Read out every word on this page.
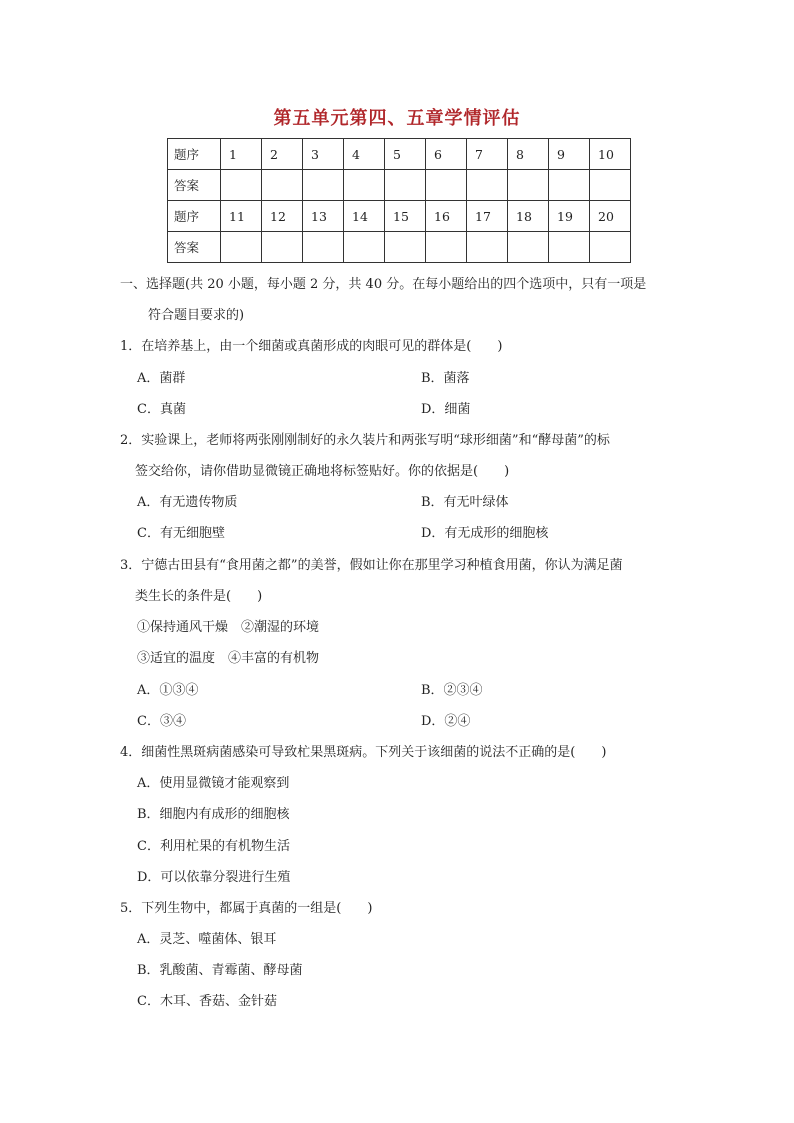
第五单元第四、五章学情评估
题序	1	2	3	4	5	6	7	8	9	10
答案										
题序	11	12	13	14	15	16	17	18	19	20
答案										
一、选择题(共 20 小题，每小题 2 分，共 40 分。在每小题给出的四个选项中，只有一项是
符合题目要求的)
1．在培养基上，由一个细菌或真菌形成的肉眼可见的群体是(　　)
A．菌群	B．菌落
C．真菌	D．细菌
2．实验课上，老师将两张刚刚制好的永久装片和两张写明“球形细菌”和“酵母菌”的标
签交给你，请你借助显微镜正确地将标签贴好。你的依据是(　　)
A．有无遗传物质	B．有无叶绿体
C．有无细胞壁	D．有无成形的细胞核
3．宁德古田县有“食用菌之都”的美誉，假如让你在那里学习种植食用菌，你认为满足菌
类生长的条件是(　　)
①保持通风干燥　②潮湿的环境
③适宜的温度　④丰富的有机物
A．①③④	B．②③④
C．③④	D．②④
4．细菌性黑斑病菌感染可导致杧果黑斑病。下列关于该细菌的说法不正确的是(　　)
A．使用显微镜才能观察到
B．细胞内有成形的细胞核
C．利用杧果的有机物生活
D．可以依靠分裂进行生殖
5．下列生物中，都属于真菌的一组是(　　)
A．灵芝、噬菌体、银耳
B．乳酸菌、青霉菌、酵母菌
C．木耳、香菇、金针菇
